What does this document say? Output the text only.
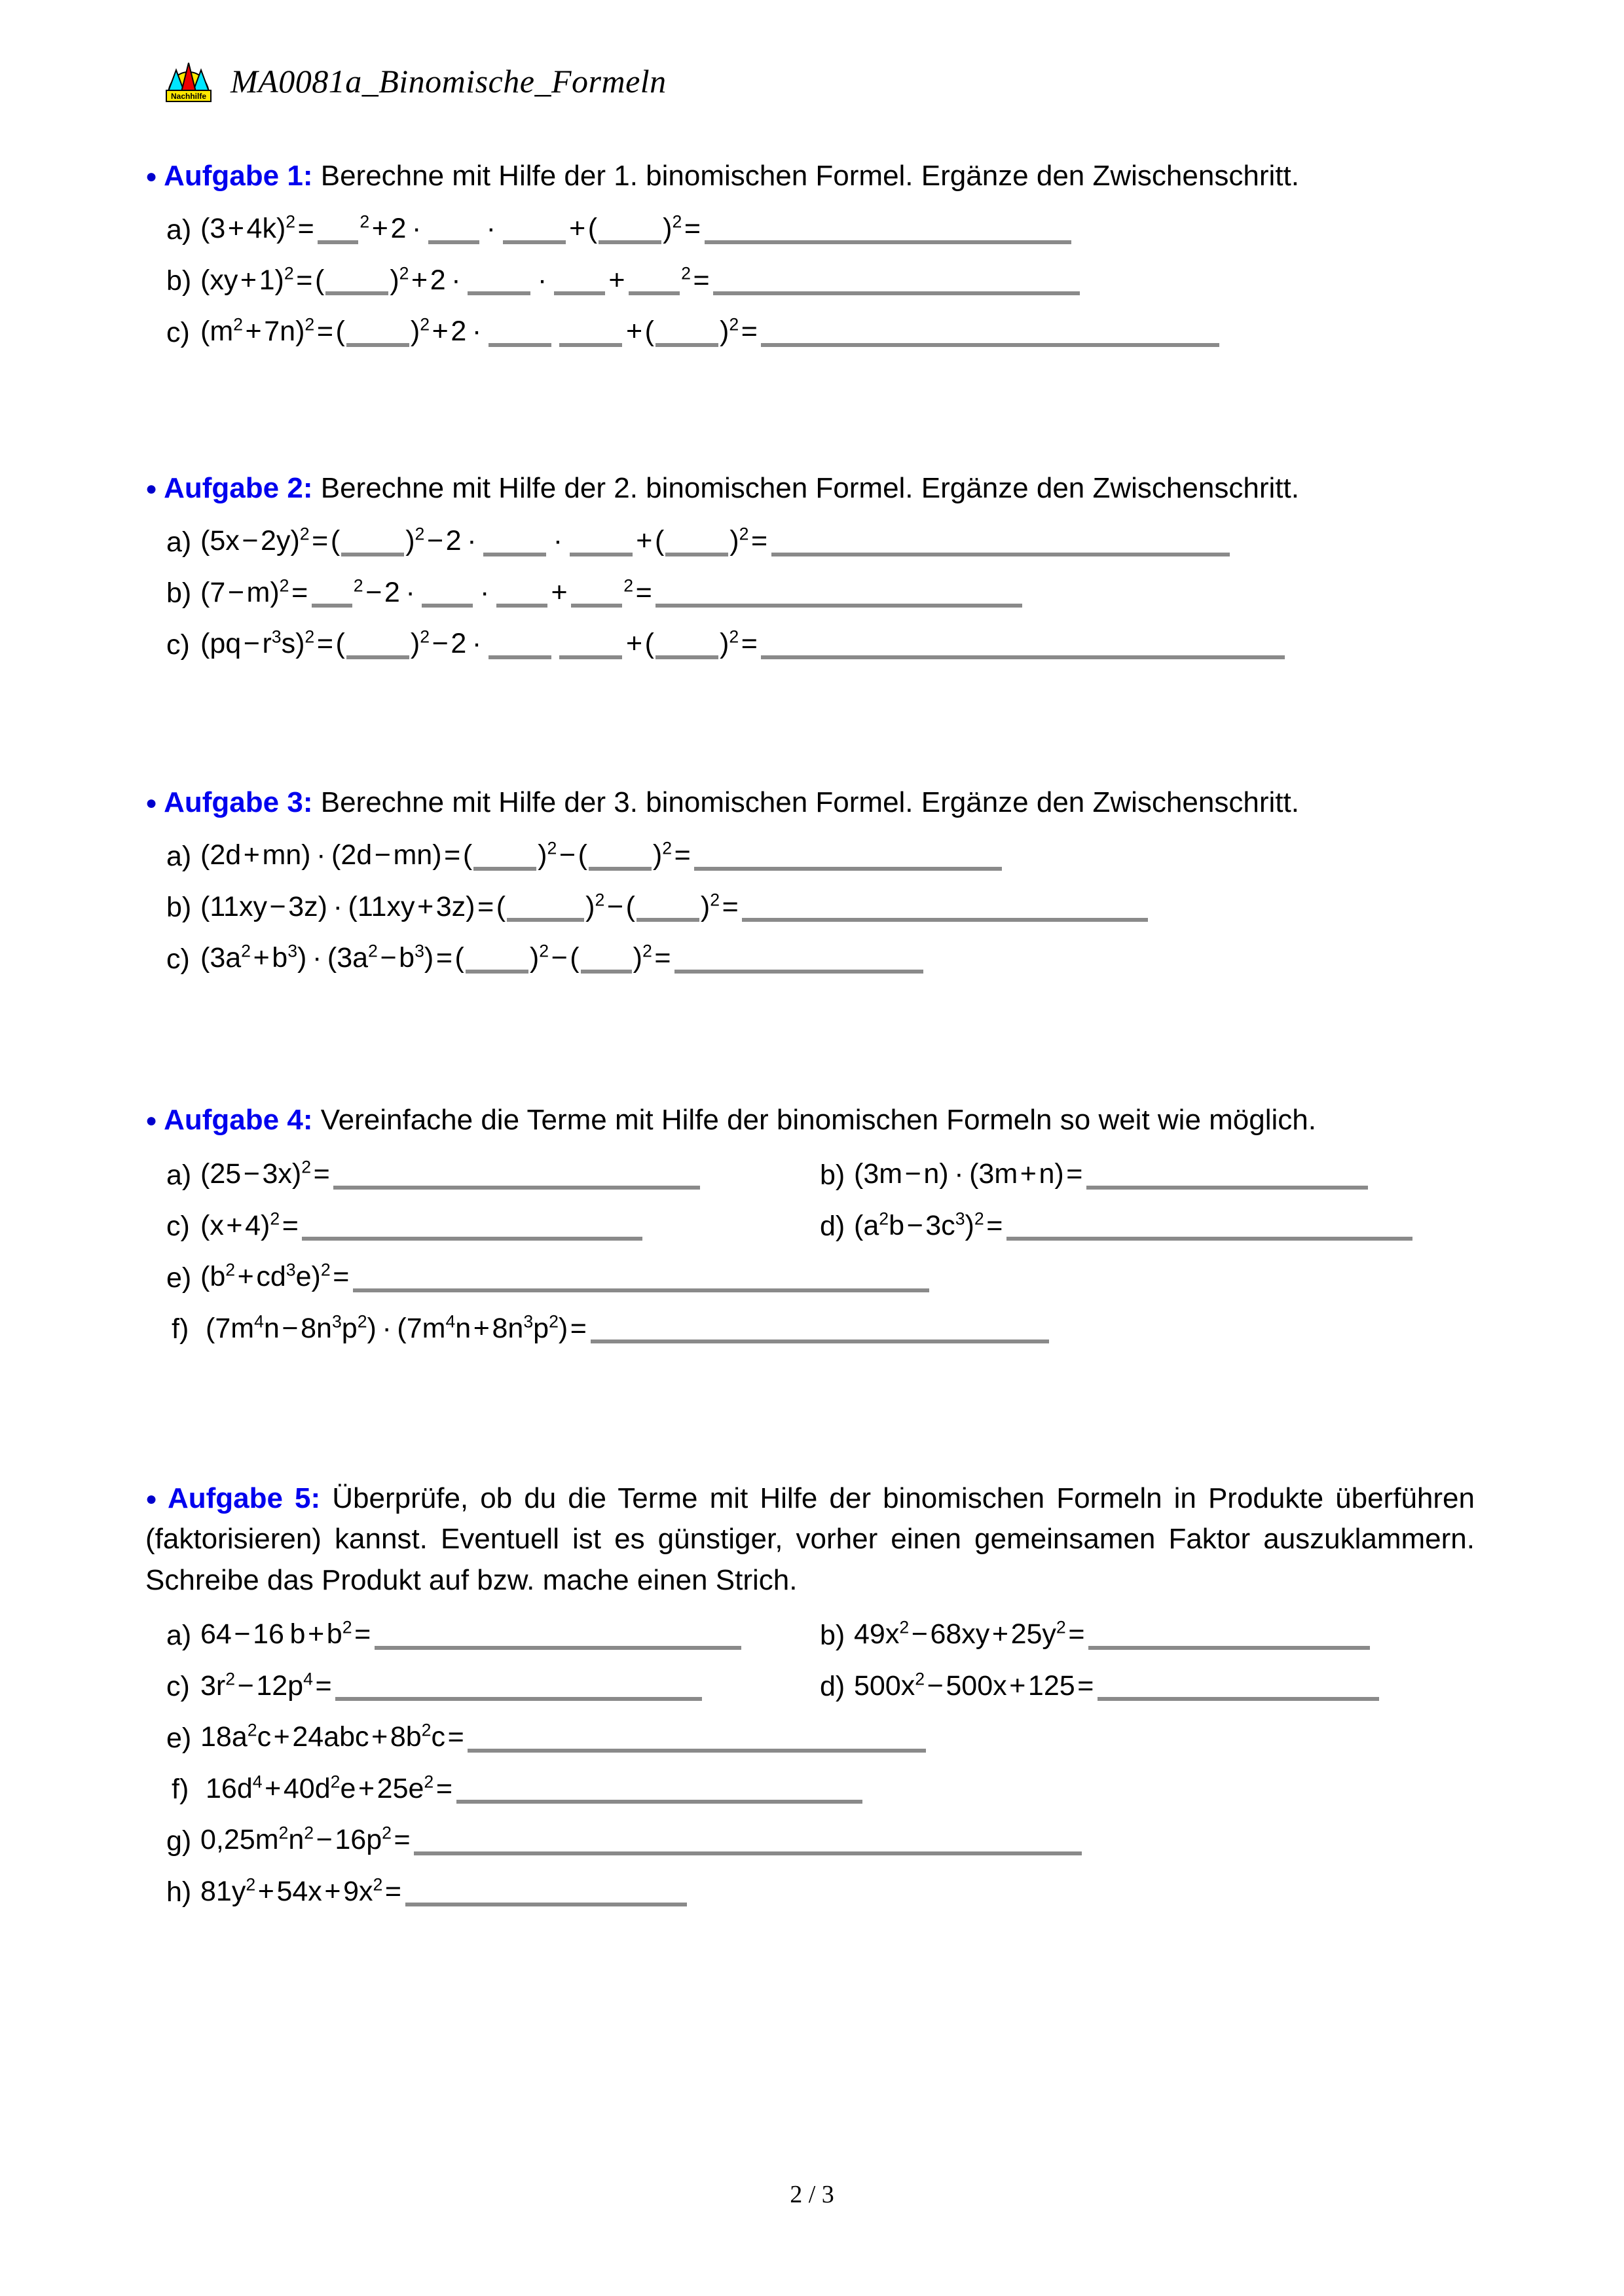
Nachhilfe MA0081a_Binomische_Formeln
● Aufgabe 1: Berechne mit Hilfe der 1. binomischen Formel. Ergänze den Zwischenschritt.
a) (3 + 4k)$^2$ = $^2$ + 2 ·  ·  + ( )$^2$ = 
b) (xy + 1)$^2$ = ( )$^2$ + 2 ·  ·  + 	$^2$ = 
c) ($m^2$ + 7n)$^2$ = ( )$^2$ + 2 ·  	 + ( )$^2$ = 
● Aufgabe 2: Berechne mit Hilfe der 2. binomischen Formel. Ergänze den Zwischenschritt.
a) (5x − 2y)$^2$ = ( )$^2$ − 2 ·  ·  + ( )$^2$ = 
b) (7 − m)$^2$ = $^2$ − 2 ·  ·  + 	$^2$ = 
c) (pq − $r^3s)^2$ = ( )$^2$ − 2 ·  	 + ( )$^2$ = 
● Aufgabe 3: Berechne mit Hilfe der 3. binomischen Formel. Ergänze den Zwischenschritt.
a) (2d + mn) · (2d − mn) = ( )$^2$ − ( )$^2$ = 
b) (11xy − 3z) · (11xy + 3z) = (	)$^2$ − ( )$^2$ = 
c) ($3a^2$ + $b^3) \cdot (3a^2$ − $b^3$) = ( )$^2$ − ( )$^2$ = 
● Aufgabe 4: Vereinfache die Terme mit Hilfe der binomischen Formeln so weit wie möglich.
a) (25 − 3x)$^2$ = 	b) (3m − n) · (3m + n) = 
c) (x + 4)$^2$ = 	d) ($a^2b$ − $3c^3)^2$ = 
e) ($b^2$ + $cd^3e)^2$ = 
f) ($7m^4n$ − $8n^3p^2) \cdot (7m^4n$ + $8n^3p^2$) = 
● Aufgabe 5: Überprüfe, ob du die Terme mit Hilfe der binomischen Formeln in Produkte überführen (faktorisieren) kannst. Eventuell ist es günstiger, vorher einen gemeinsamen Faktor auszuklammern. Schreibe das Produkt auf bzw. mache einen Strich.
a) 64 − 16 b + $b^2$ = 	b) $49x^2$ − 68xy + $25y^2$ = 
c) $3r^2$ − $12p^4$ = 	d) $500x^2$ − 500x + 125 = 
e) $18a^2c$ + 24abc + $8b^2c$ = 
f) $16d^4$ + $40d^2e$ + $25e^2$ = 
g) $0,25m^2n^2$ − $16p^2$ = 
h) $81y^2$ + 54x + $9x^2$ = 
2 / 3
